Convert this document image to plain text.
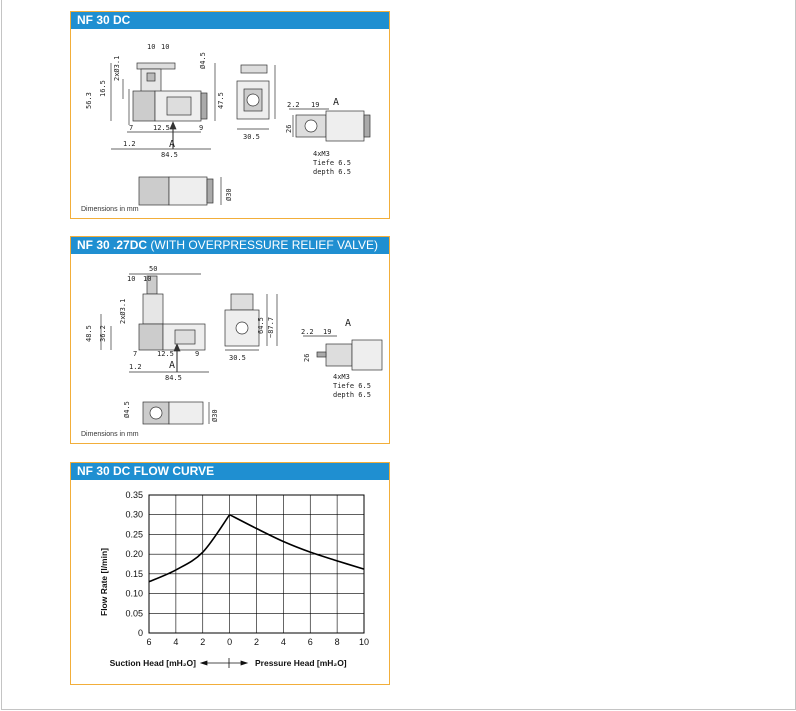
NF 30 DC
10 10
2xØ3.1	Ø4.5
56.3
16.5
47.5
7	12.5	9
1.2
84.5
30.5
Ø30
2.2 19
26
4xM3
Tiefe 6.5
depth 6.5
A
A
Dimensions in mm
NF 30 .27DC (WITH OVERPRESSURE RELIEF VALVE)
50
10 10
2xØ3.1
48.5 36.2
7	12.5	9
1.2
84.5
30.5
64.5 ~87.7
Ø4.5	Ø30
2.2 19
26
4xM3
Tiefe 6.5
depth 6.5
A
A
Dimensions in mm
NF 30 DC FLOW CURVE
0
0.05
0.10
0.15
0.20
0.25
0.30
0.35
6 4 2 0 2 4 6 8 10
Flow Rate [l/min]
Suction Head [mH₂O]	Pressure Head [mH₂O]
